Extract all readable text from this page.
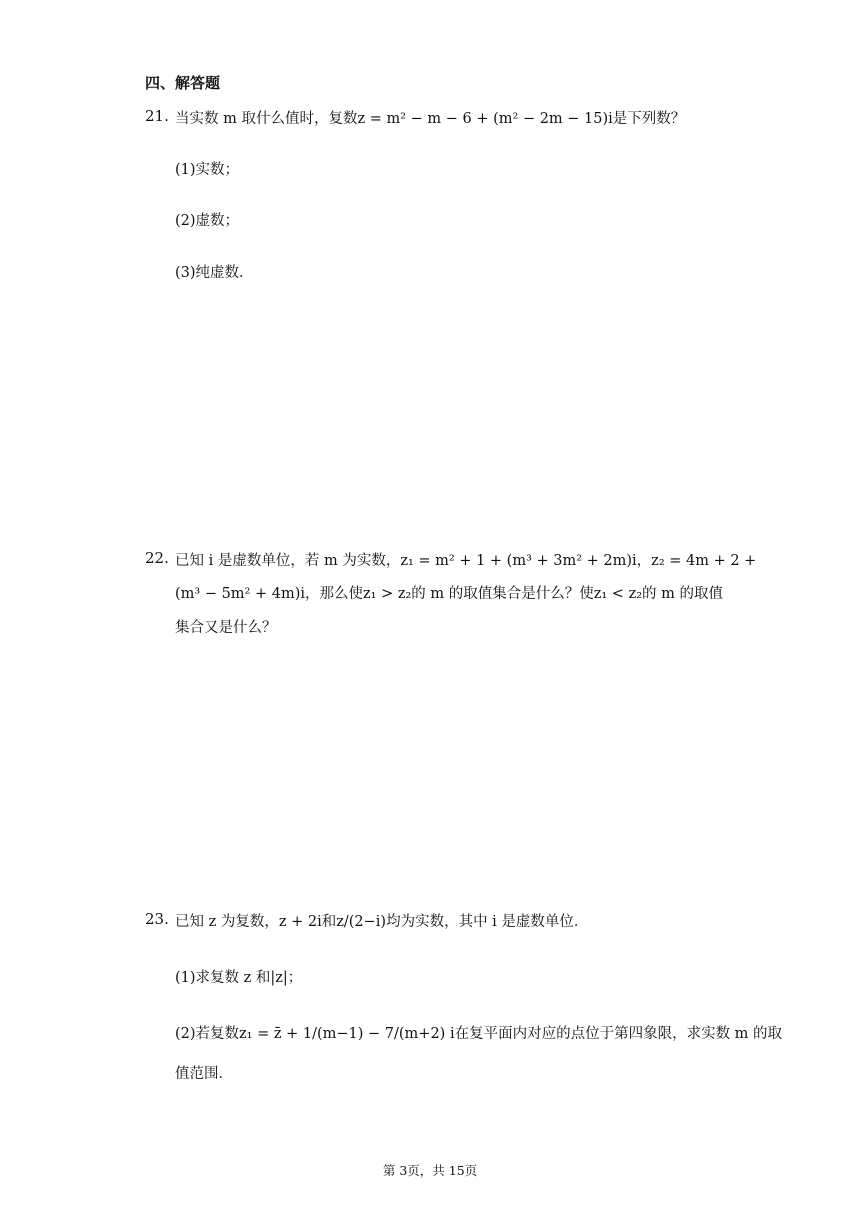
四、解答题
21. 当实数 m 取什么值时，复数z = m² − m − 6 + (m² − 2m − 15)i是下列数？
(1)实数；
(2)虚数；
(3)纯虚数．
22. 已知 i 是虚数单位，若 m 为实数，z₁ = m² + 1 + (m³ + 3m² + 2m)i，z₂ = 4m + 2 +
(m³ − 5m² + 4m)i，那么使z₁ > z₂的 m 的取值集合是什么？使z₁ < z₂的 m 的取值
集合又是什么？
23. 已知 z 为复数，z + 2i和z/(2−i)均为实数，其中 i 是虚数单位．
(1)求复数 z 和|z|；
(2)若复数z₁ = z̄ + 1/(m−1) − 7/(m+2) i在复平面内对应的点位于第四象限，求实数 m 的取
值范围．
第 3页，共 15页
